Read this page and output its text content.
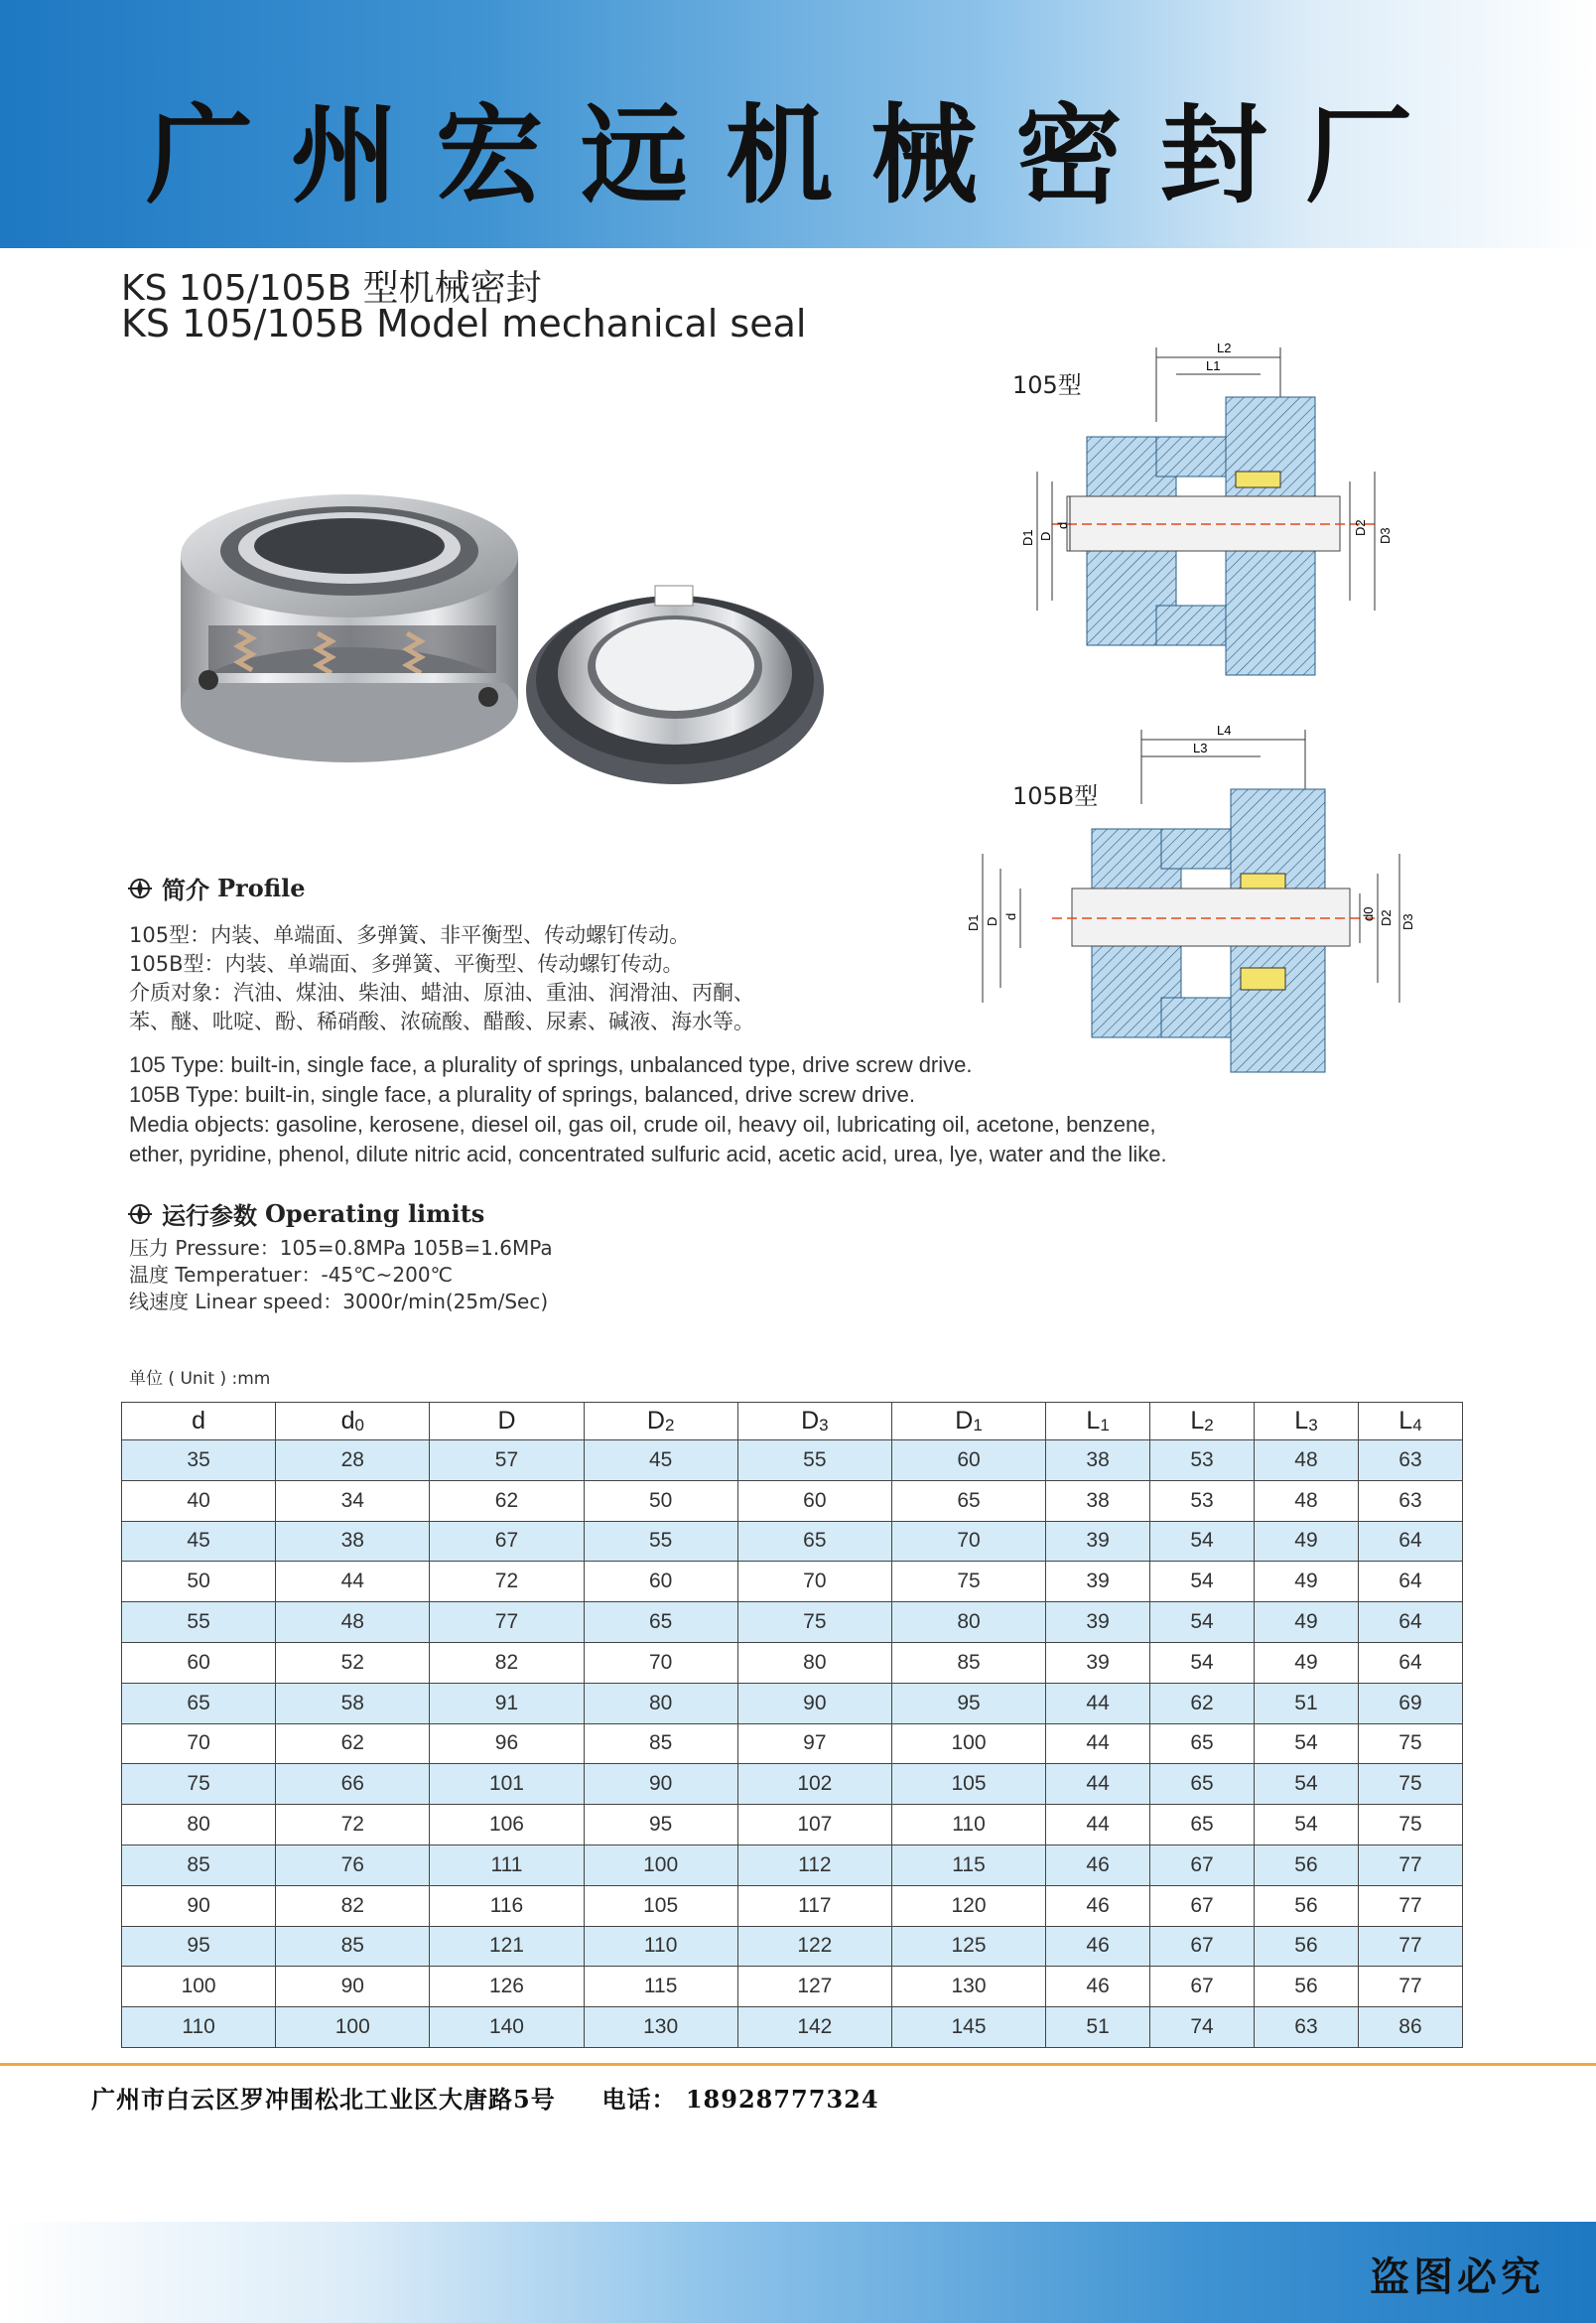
广州宏远机械密封厂
KS 105/105B 型机械密封
KS 105/105B Model mechanical seal
105型
105B型
L2
L1
D1 D
d	D2 D3
L4
L3
D1 D
d	d0 D2 D3
简介 Profile
105型：内装、单端面、多弹簧、非平衡型、传动螺钉传动。
105B型：内装、单端面、多弹簧、平衡型、传动螺钉传动。
介质对象：汽油、煤油、柴油、蜡油、原油、重油、润滑油、丙酮、
苯、醚、吡啶、酚、稀硝酸、浓硫酸、醋酸、尿素、碱液、海水等。
105 Type: built-in, single face, a plurality of springs, unbalanced type, drive screw drive.
105B Type: built-in, single face, a plurality of springs, balanced, drive screw drive.
Media objects: gasoline, kerosene, diesel oil, gas oil, crude oil, heavy oil, lubricating oil, acetone, benzene,
ether, pyridine, phenol, dilute nitric acid, concentrated sulfuric acid, acetic acid, urea, lye, water and the like.
运行参数 Operating limits
压力 Pressure：105=0.8MPa 105B=1.6MPa
温度 Temperatuer：-45℃~200℃
线速度 Linear speed：3000r/min(25m/Sec)
单位 ( Unit ) :mm
d	$d_0$	D	$D_2$	$D_3$	$D_1$	$L_1$	$L_2$	$L_3$	$L_4$
35	28	57	45	55	60	38	53	48	63
40	34	62	50	60	65	38	53	48	63
45	38	67	55	65	70	39	54	49	64
50	44	72	60	70	75	39	54	49	64
55	48	77	65	75	80	39	54	49	64
60	52	82	70	80	85	39	54	49	64
65	58	91	80	90	95	44	62	51	69
70	62	96	85	97	100	44	65	54	75
75	66	101	90	102	105	44	65	54	75
80	72	106	95	107	110	44	65	54	75
85	76	111	100	112	115	46	67	56	77
90	82	116	105	117	120	46	67	56	77
95	85	121	110	122	125	46	67	56	77
100	90	126	115	127	130	46	67	56	77
110	100	140	130	142	145	51	74	63	86
广州市白云区罗冲围松北工业区大唐路5号 电话： 18928777324
盗图必究
